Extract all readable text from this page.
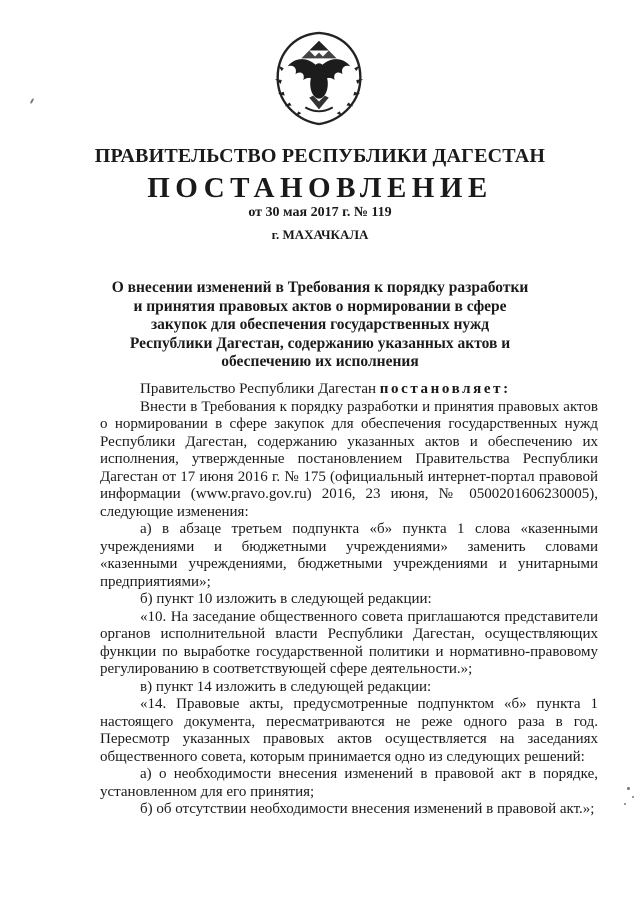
ПРАВИТЕЛЬСТВО РЕСПУБЛИКИ ДАГЕСТАН
ПОСТАНОВЛЕНИЕ
от 30 мая 2017 г. № 119
г. МАХАЧКАЛА
О внесении изменений в Требования к порядку разработки и принятия правовых актов о нормировании в сфере закупок для обеспечения государственных нужд Республики Дагестан, содержанию указанных актов и обеспечению их исполнения

Правительство Республики Дагестан постановляет:

Внести в Требования к порядку разработки и принятия правовых актов о нормировании в сфере закупок для обеспечения государственных нужд Республики Дагестан, содержанию указанных актов и обеспечению их исполнения, утвержденные постановлением Правительства Республики Дагестан от 17 июня 2016 г. № 175 (официальный интернет-портал правовой информации (www.pravo.gov.ru) 2016, 23 июня, № 0500201606230005), следующие изменения:

а) в абзаце третьем подпункта «б» пункта 1 слова «казенными учреждениями и бюджетными учреждениями» заменить словами «казенными учреждениями, бюджетными учреждениями и унитарными предприятиями»;

б) пункт 10 изложить в следующей редакции:

«10. На заседание общественного совета приглашаются представители органов исполнительной власти Республики Дагестан, осуществляющих функции по выработке государственной политики и нормативно-правовому регулированию в соответствующей сфере деятельности.»;

в) пункт 14 изложить в следующей редакции:

«14. Правовые акты, предусмотренные подпунктом «б» пункта 1 настоящего документа, пересматриваются не реже одного раза в год. Пересмотр указанных правовых актов осуществляется на заседаниях общественного совета, которым принимается одно из следующих решений:

а) о необходимости внесения изменений в правовой акт в порядке, установленном для его принятия;

б) об отсутствии необходимости внесения изменений в правовой акт.»;
